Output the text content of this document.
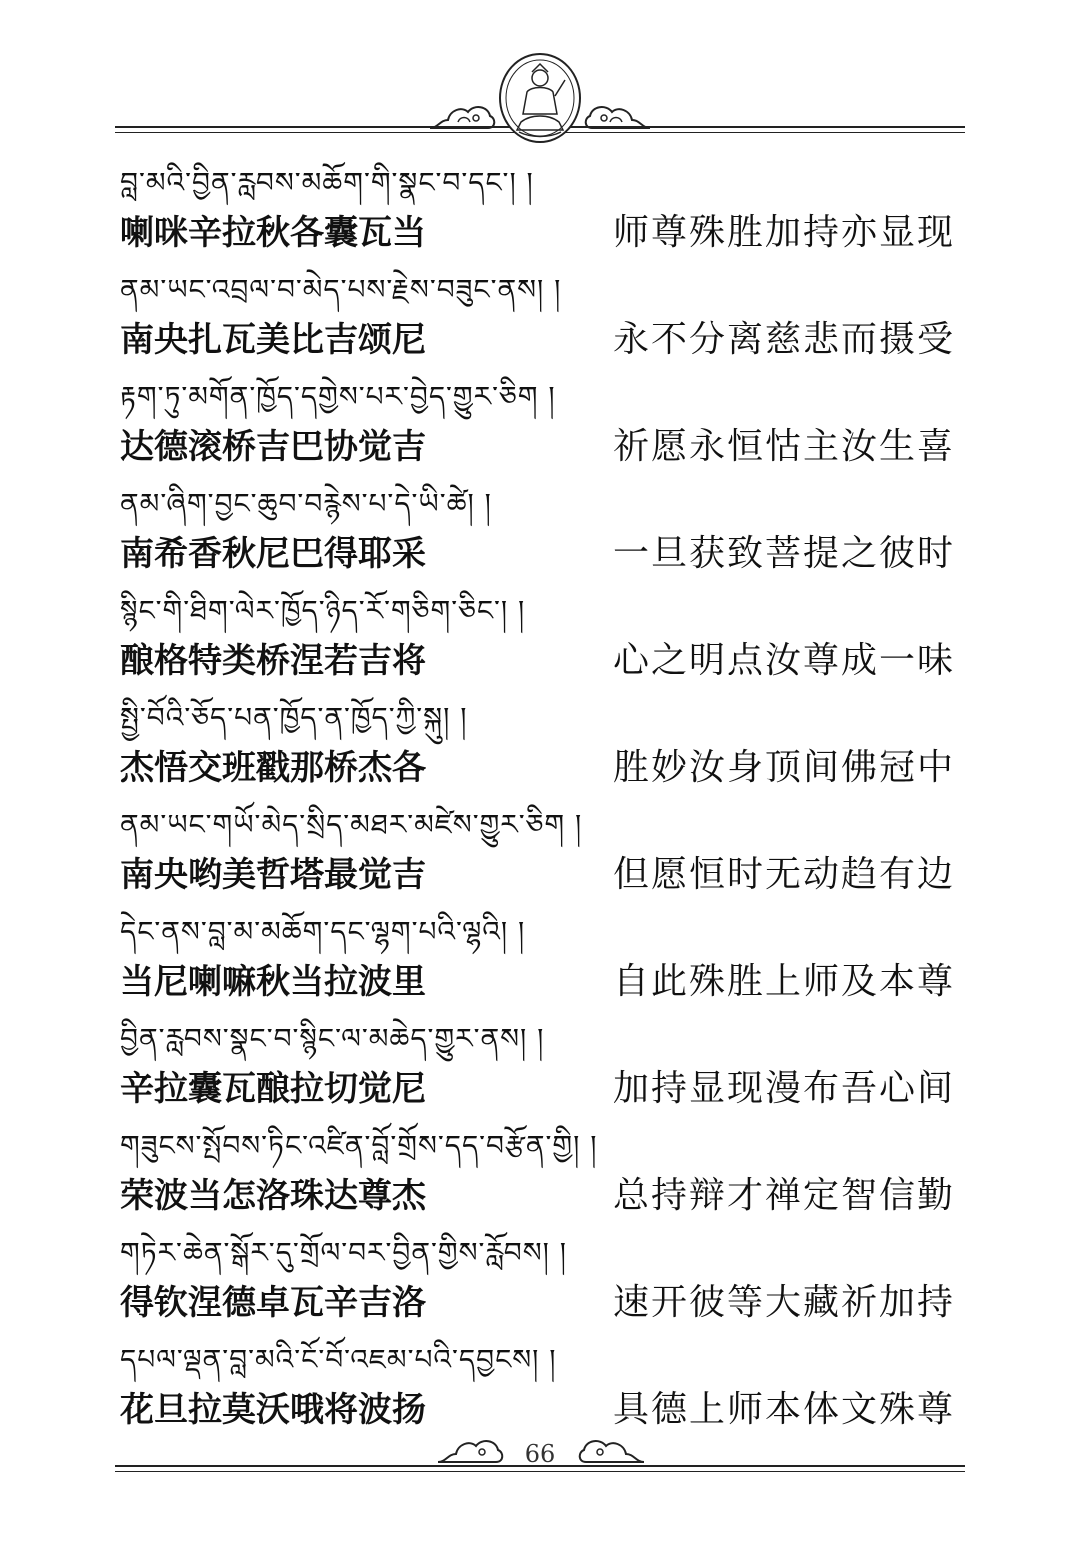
བླ་མའི་བྱིན་རླབས་མཆོག་གི་སྣང་བ་དང་། །
喇咪辛拉秋各囊瓦当	师尊殊胜加持亦显现
ནམ་ཡང་འབྲལ་བ་མེད་པས་རྗེས་བཟུང་ནས། །
南央扎瓦美比吉颂尼	永不分离慈悲而摄受
རྟག་ཏུ་མགོན་ཁྱོད་དགྱེས་པར་བྱེད་གྱུར་ཅིག །
达德滚桥吉巴协觉吉	祈愿永恒怙主汝生喜
ནམ་ཞིག་བྱང་ཆུབ་བརྙེས་པ་དེ་ཡི་ཚེ། །
南希香秋尼巴得耶采	一旦获致菩提之彼时
སྙིང་གི་ཐིག་ལེར་ཁྱོད་ཉིད་རོ་གཅིག་ཅིང་། །
酿格特类桥涅若吉将	心之明点汝尊成一味
སྤྱི་བོའི་ཅོད་པན་ཁྱོད་ན་ཁྱོད་ཀྱི་སྐུ། །
杰悟交班戳那桥杰各	胜妙汝身顶间佛冠中
ནམ་ཡང་གཡོ་མེད་སྲིད་མཐར་མཛེས་གྱུར་ཅིག །
南央哟美哲塔最觉吉	但愿恒时无动趋有边
དེང་ནས་བླ་མ་མཆོག་དང་ལྷག་པའི་ལྷའི། །
当尼喇嘛秋当拉波里	自此殊胜上师及本尊
བྱིན་རླབས་སྣང་བ་སྙིང་ལ་མཆེད་གྱུར་ནས། །
辛拉囊瓦酿拉切觉尼	加持显现漫布吾心间
གཟུངས་སྤོབས་ཏིང་འཛིན་བློ་གྲོས་དད་བརྩོན་གྱི། །
荣波当怎洛珠达尊杰	总持辩才禅定智信勤
གཏེར་ཆེན་སྒོར་དུ་གྲོལ་བར་བྱིན་གྱིས་རློབས། །
得钦涅德卓瓦辛吉洛	速开彼等大藏祈加持
དཔལ་ལྡན་བླ་མའི་ངོ་བོ་འཇམ་པའི་དབྱངས། །
花旦拉莫沃哦将波扬	具德上师本体文殊尊
66
